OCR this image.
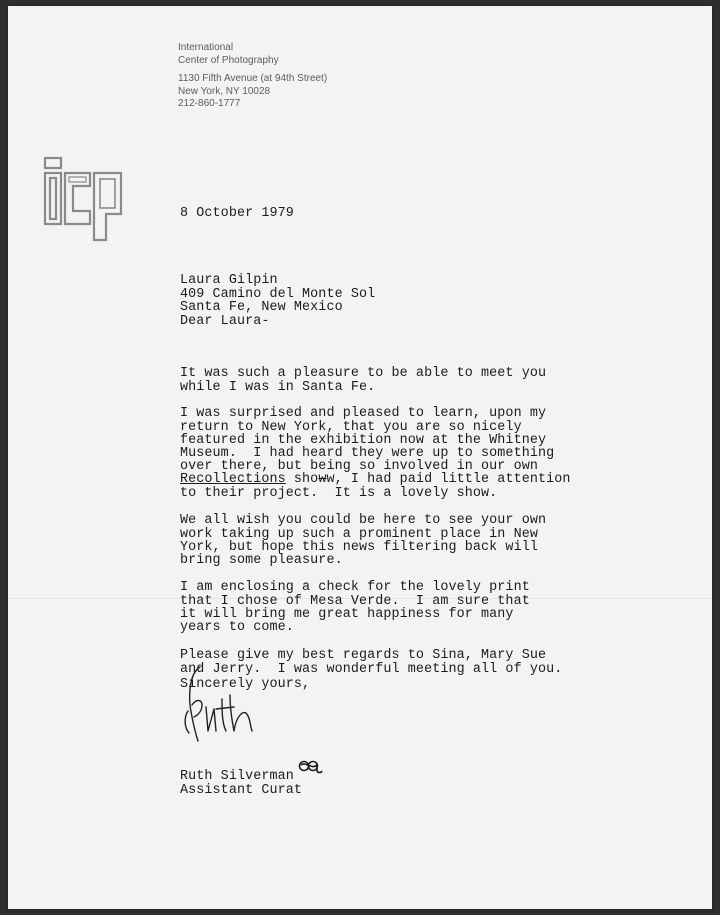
International
Center of Photography
1130 Fifth Avenue (at 94th Street)
New York, NY 10028
212-860-1777
8 October 1979

Laura Gilpin
409 Camino del Monte Sol
Santa Fe, New Mexico

Dear Laura-

It was such a pleasure to be able to meet you
while I was in Santa Fe.

I was surprised and pleased to learn, upon my
return to New York, that you are so nicely
featured in the exhibition now at the Whitney
Museum.  I had heard they were up to something
over there, but being so involved in our own
Recollections showw, I had paid little attention
to their project.  It is a lovely show.

We all wish you could be here to see your own
work taking up such a prominent place in New
York, but hope this news filtering back will
bring some pleasure.

I am enclosing a check for the lovely print
that I chose of Mesa Verde.  I am sure that
it will bring me great happiness for many
years to come.

Please give my best regards to Sina, Mary Sue
and Jerry.  I was wonderful meeting all of you.

Sincerely yours,

Ruth Silverman
Assistant Curat
